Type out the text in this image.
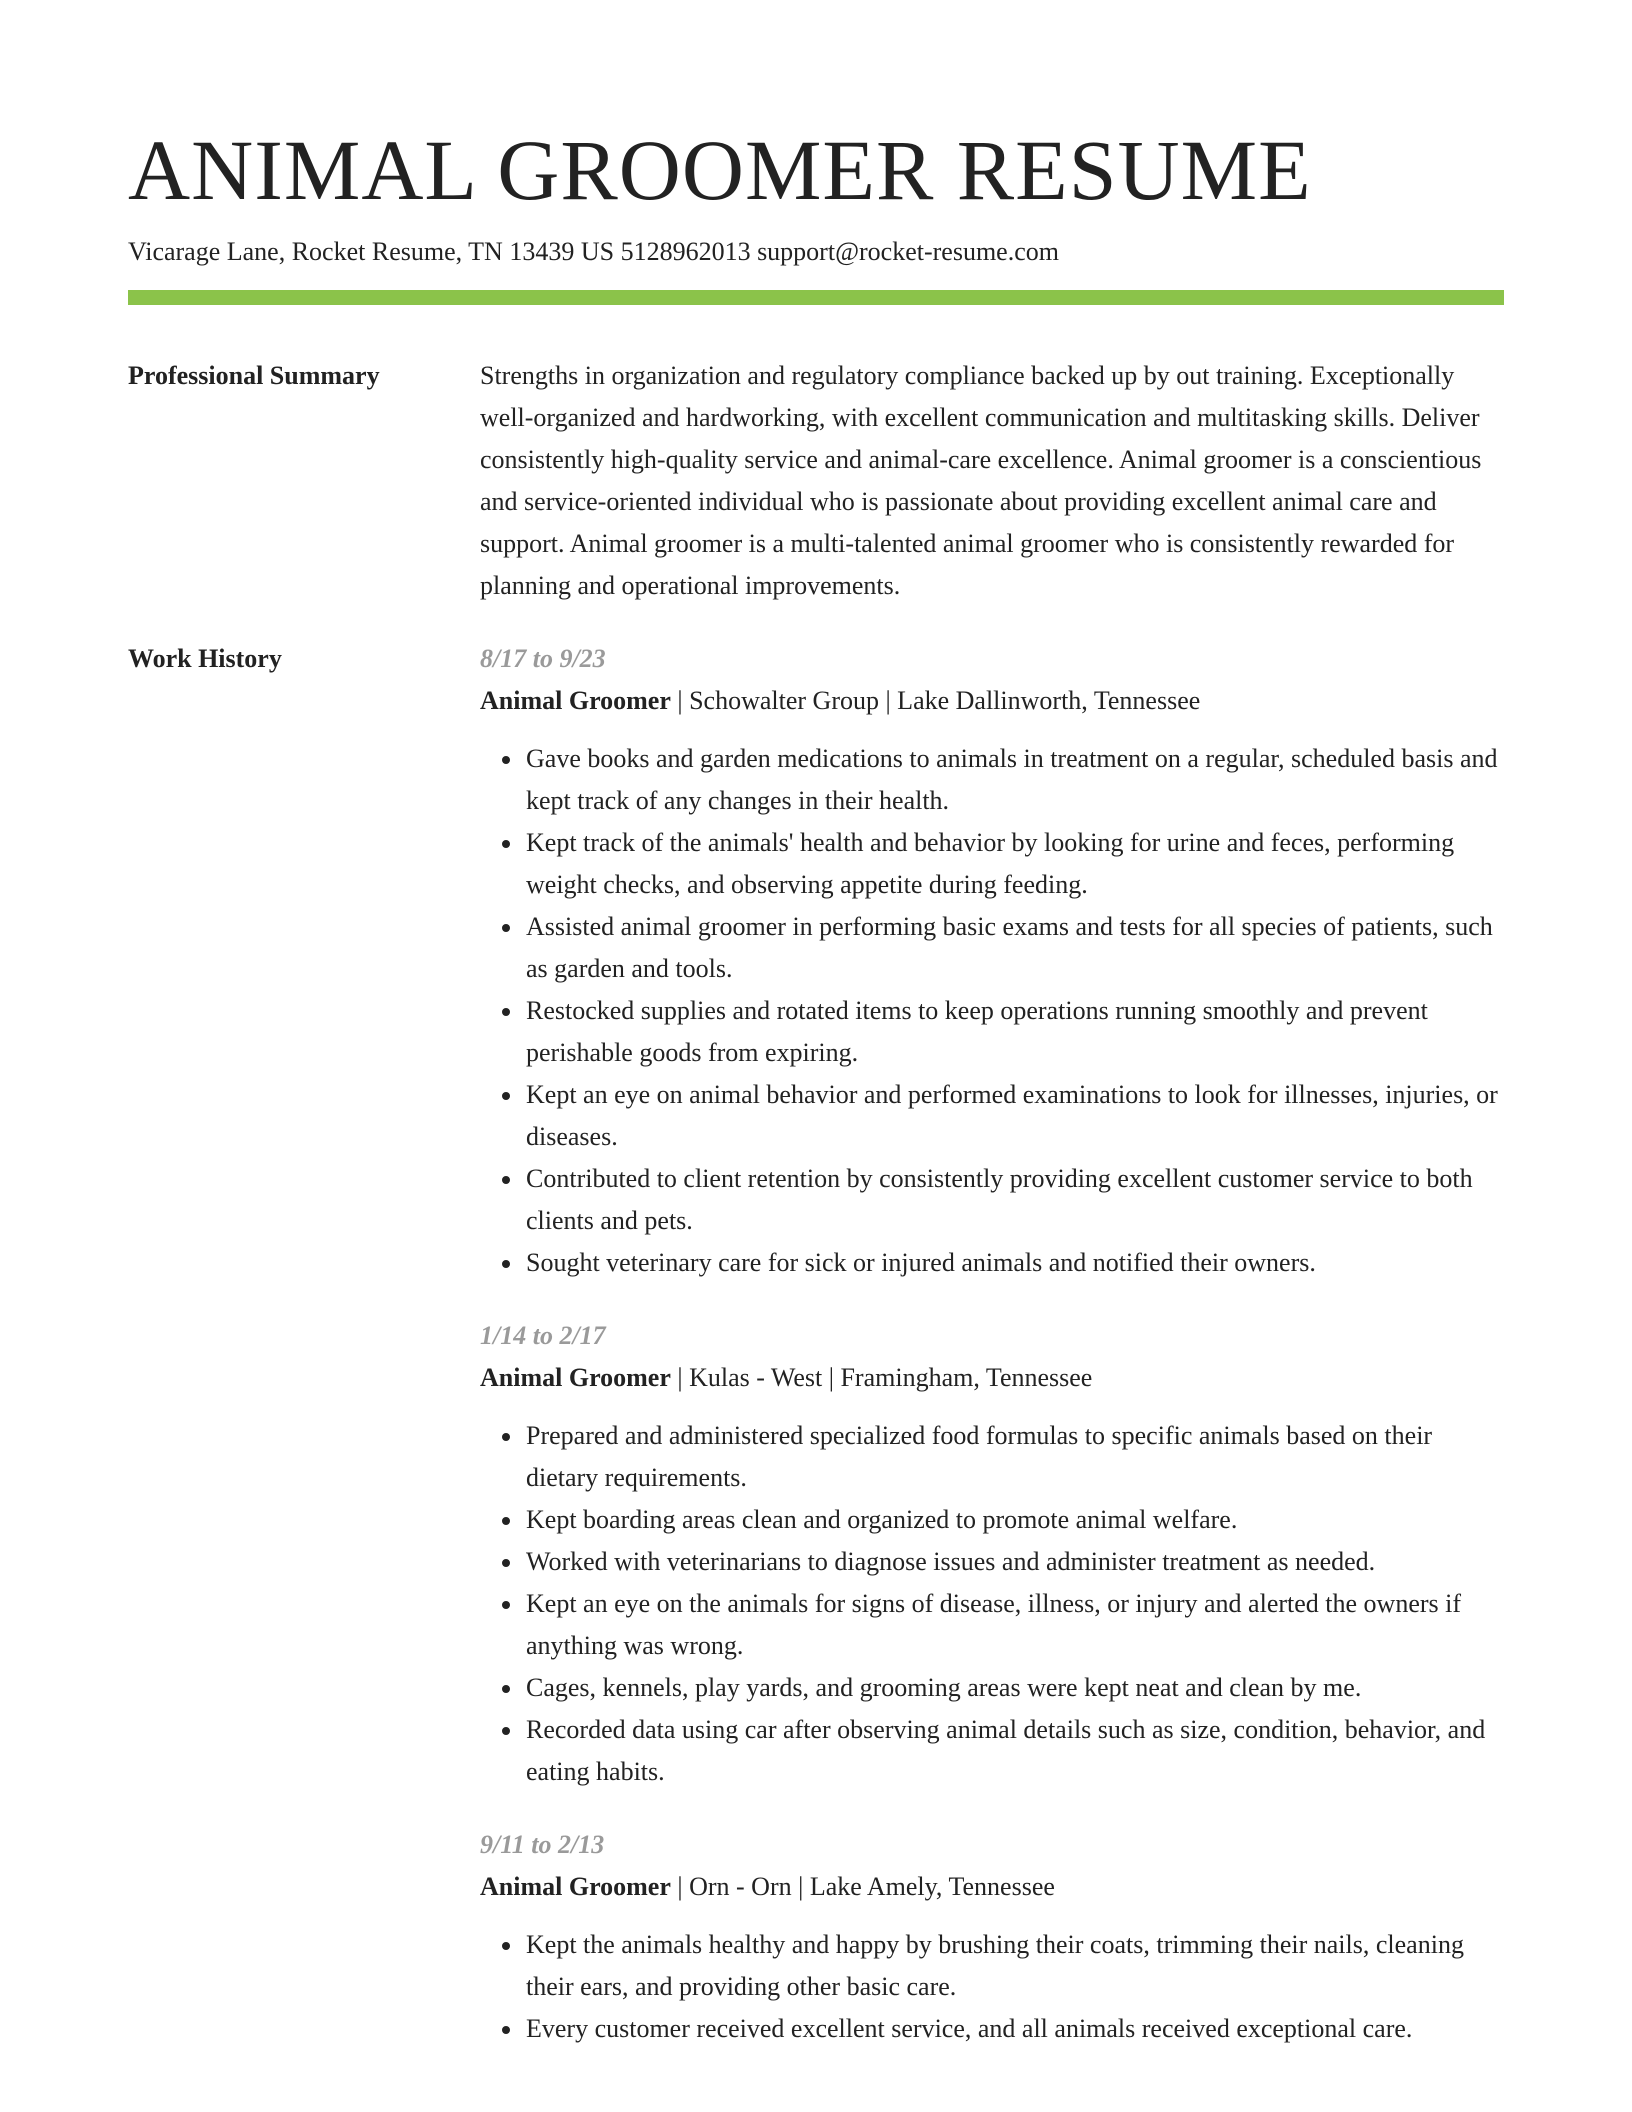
ANIMAL GROOMER RESUME
Vicarage Lane, Rocket Resume, TN 13439 US 5128962013 support@rocket-resume.com
Professional Summary	Strengths in organization and regulatory compliance backed up by out training. Exceptionally well-organized and hardworking, with excellent communication and multitasking skills. Deliver consistently high-quality service and animal-care excellence. Animal groomer is a conscientious and service-oriented individual who is passionate about providing excellent animal care and support. Animal groomer is a multi-talented animal groomer who is consistently rewarded for planning and operational improvements.

Work History	8/17 to 9/23
Animal Groomer | Schowalter Group | Lake Dallinworth, Tennessee
• Gave books and garden medications to animals in treatment on a regular, scheduled basis and kept track of any changes in their health.
• Kept track of the animals' health and behavior by looking for urine and feces, performing weight checks, and observing appetite during feeding.
• Assisted animal groomer in performing basic exams and tests for all species of patients, such as garden and tools.
• Restocked supplies and rotated items to keep operations running smoothly and prevent perishable goods from expiring.
• Kept an eye on animal behavior and performed examinations to look for illnesses, injuries, or diseases.
• Contributed to client retention by consistently providing excellent customer service to both clients and pets.
• Sought veterinary care for sick or injured animals and notified their owners.
1/14 to 2/17
Animal Groomer | Kulas - West | Framingham, Tennessee
• Prepared and administered specialized food formulas to specific animals based on their dietary requirements.
• Kept boarding areas clean and organized to promote animal welfare.
• Worked with veterinarians to diagnose issues and administer treatment as needed.
• Kept an eye on the animals for signs of disease, illness, or injury and alerted the owners if anything was wrong.
• Cages, kennels, play yards, and grooming areas were kept neat and clean by me.
• Recorded data using car after observing animal details such as size, condition, behavior, and eating habits.
9/11 to 2/13
Animal Groomer | Orn - Orn | Lake Amely, Tennessee
• Kept the animals healthy and happy by brushing their coats, trimming their nails, cleaning their ears, and providing other basic care.
• Every customer received excellent service, and all animals received exceptional care.
